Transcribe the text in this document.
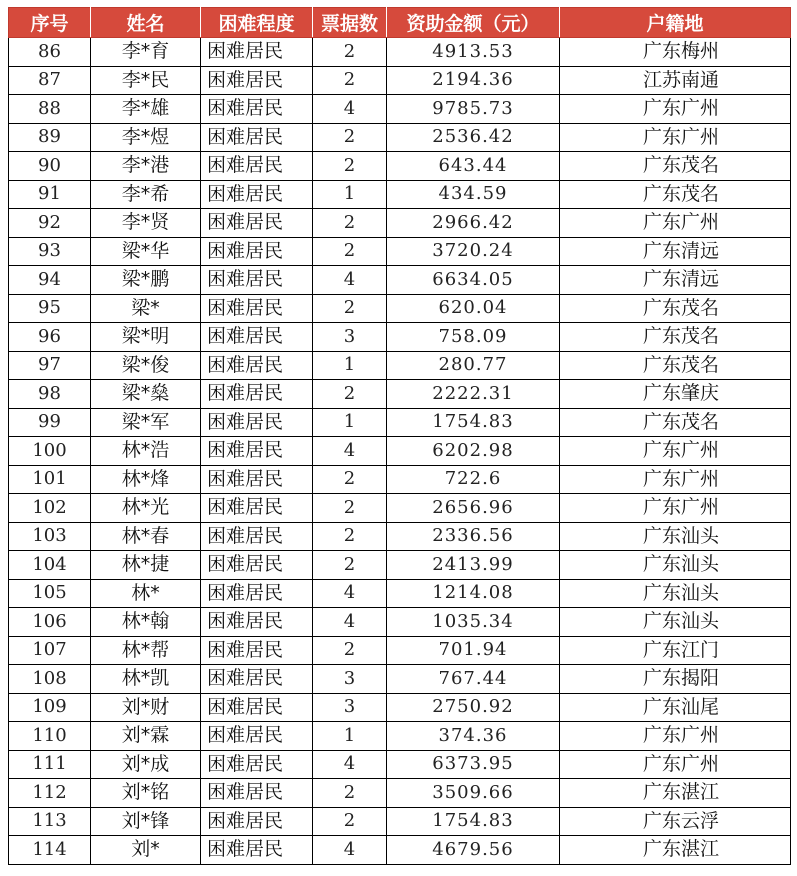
序号	姓名	困难程度	票据数	资助金额（元）	户籍地
86	李*育	困难居民	2	4913.53	广东梅州
87	李*民	困难居民	2	2194.36	江苏南通
88	李*雄	困难居民	4	9785.73	广东广州
89	李*煜	困难居民	2	2536.42	广东广州
90	李*港	困难居民	2	643.44	广东茂名
91	李*希	困难居民	1	434.59	广东茂名
92	李*贤	困难居民	2	2966.42	广东广州
93	梁*华	困难居民	2	3720.24	广东清远
94	梁*鹏	困难居民	4	6634.05	广东清远
95	梁*	困难居民	2	620.04	广东茂名
96	梁*明	困难居民	3	758.09	广东茂名
97	梁*俊	困难居民	1	280.77	广东茂名
98	梁*燊	困难居民	2	2222.31	广东肇庆
99	梁*军	困难居民	1	1754.83	广东茂名
100	林*浩	困难居民	4	6202.98	广东广州
101	林*烽	困难居民	2	722.6	广东广州
102	林*光	困难居民	2	2656.96	广东广州
103	林*春	困难居民	2	2336.56	广东汕头
104	林*捷	困难居民	2	2413.99	广东汕头
105	林*	困难居民	4	1214.08	广东汕头
106	林*翰	困难居民	4	1035.34	广东汕头
107	林*帮	困难居民	2	701.94	广东江门
108	林*凯	困难居民	3	767.44	广东揭阳
109	刘*财	困难居民	3	2750.92	广东汕尾
110	刘*霖	困难居民	1	374.36	广东广州
111	刘*成	困难居民	4	6373.95	广东广州
112	刘*铭	困难居民	2	3509.66	广东湛江
113	刘*锋	困难居民	2	1754.83	广东云浮
114	刘*	困难居民	4	4679.56	广东湛江
